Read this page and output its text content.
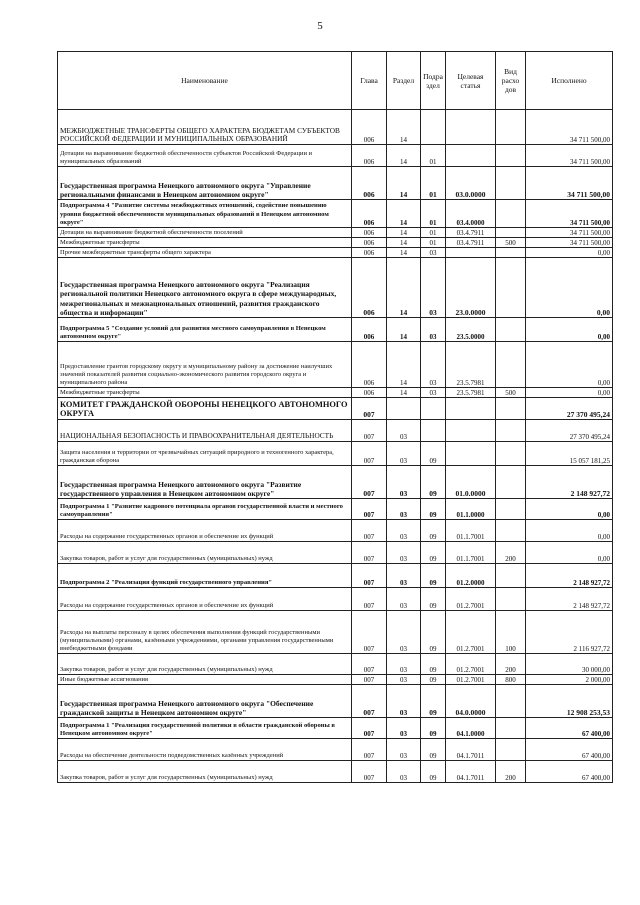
5
Наименование	Глава	Раздел	Подра здел	Целевая статья	Вид расхо дов	Исполнено
МЕЖБЮДЖЕТНЫЕ ТРАНСФЕРТЫ ОБЩЕГО ХАРАКТЕРА БЮДЖЕТАМ СУБЪЕКТОВ РОССИЙСКОЙ ФЕДЕРАЦИИ И МУНИЦИПАЛЬНЫХ ОБРАЗОВАНИЙ	006	14				34 711 500,00
Дотации на выравнивание бюджетной обеспеченности субъектов Российской Федерации и муниципальных образований	006	14	01			34 711 500,00
Государственная программа Ненецкого автономного округа "Управление региональными финансами в Ненецком автономном округе"	006	14	01	03.0.0000		34 711 500,00
Подпрограмма 4 "Развитие системы межбюджетных отношений, содействие повышению уровня бюджетной обеспеченности муниципальных образований в Ненецком автономном округе"	006	14	01	03.4.0000		34 711 500,00
Дотации на выравнивание бюджетной обеспеченности поселений	006	14	01	03.4.7911		34 711 500,00
Межбюджетные трансферты	006	14	01	03.4.7911	500	34 711 500,00
Прочие межбюджетные трансферты общего характера	006	14	03			0,00
Государственная программа Ненецкого автономного округа "Реализация региональной политики Ненецкого автономного округа в сфере международных, межрегиональных и межнациональных отношений, развития гражданского общества и информации"	006	14	03	23.0.0000		0,00
Подпрограмма 5 "Создание условий для развития местного самоуправления в Ненецком автономном округе"	006	14	03	23.5.0000		0,00
Предоставление грантов городскому округу и муниципальному району за достижение наилучших значений показателей развития социально-экономического развития городского округа и муниципального района	006	14	03	23.5.7981		0,00
Межбюджетные трансферты	006	14	03	23.5.7981	500	0,00
КОМИТЕТ ГРАЖДАНСКОЙ ОБОРОНЫ НЕНЕЦКОГО АВТОНОМНОГО ОКРУГА	007					27 370 495,24
НАЦИОНАЛЬНАЯ БЕЗОПАСНОСТЬ И ПРАВООХРАНИТЕЛЬНАЯ ДЕЯТЕЛЬНОСТЬ	007	03				27 370 495,24
Защита населения и территории от чрезвычайных ситуаций природного и техногенного характера, гражданская оборона	007	03	09			15 057 181,25
Государственная программа Ненецкого автономного округа "Развитие государственного управления в Ненецком автономном округе"	007	03	09	01.0.0000		2 148 927,72
Подпрограмма 1 "Развитие кадрового потенциала органов государственной власти и местного самоуправления"	007	03	09	01.1.0000		0,00
Расходы на содержание государственных органов и обеспечение их функций	007	03	09	01.1.7001		0,00
Закупка товаров, работ и услуг для государственных (муниципальных) нужд	007	03	09	01.1.7001	200	0,00
Подпрограмма 2 "Реализация функций государственного управления"	007	03	09	01.2.0000		2 148 927,72
Расходы на содержание государственных органов и обеспечение их функций	007	03	09	01.2.7001		2 148 927,72
Расходы на выплаты персоналу в целях обеспечения выполнения функций государственными (муниципальными) органами, казёнными учреждениями, органами управления государственными внебюджетными фондами	007	03	09	01.2.7001	100	2 116 927,72
Закупка товаров, работ и услуг для государственных (муниципальных) нужд	007	03	09	01.2.7001	200	30 000,00
Иные бюджетные ассигнования	007	03	09	01.2.7001	800	2 000,00
Государственная программа Ненецкого автономного округа "Обеспечение гражданской защиты в Ненецком автономном округе"	007	03	09	04.0.0000		12 908 253,53
Подпрограмма 1 "Реализация государственной политики в области гражданской обороны в Ненецком автономном округе"	007	03	09	04.1.0000		67 400,00
Расходы на обеспечение деятельности подведомственных казённых учреждений	007	03	09	04.1.7011		67 400,00
Закупка товаров, работ и услуг для государственных (муниципальных) нужд	007	03	09	04.1.7011	200	67 400,00
